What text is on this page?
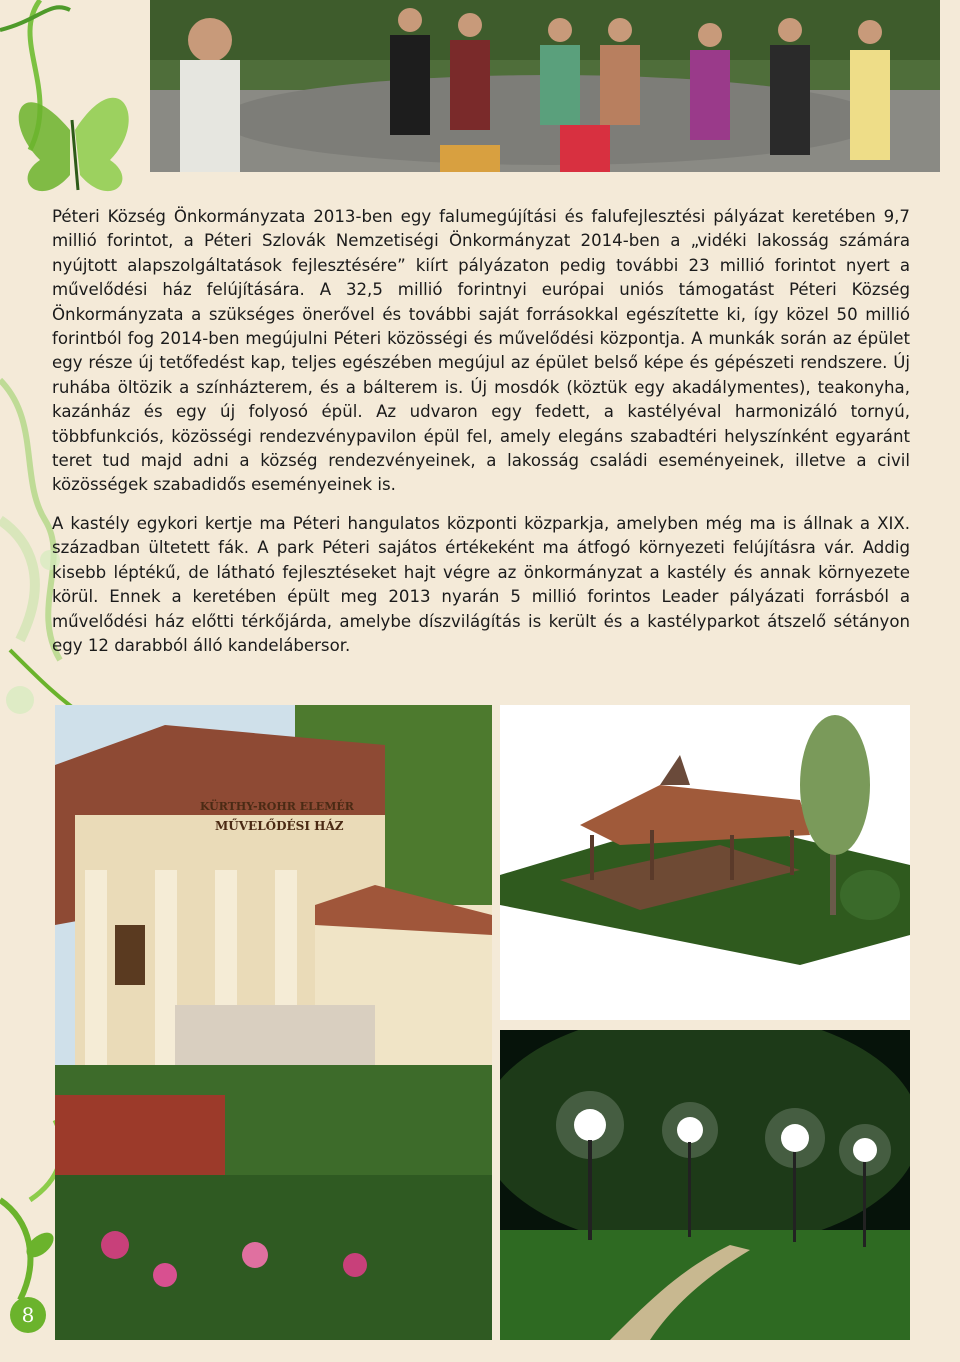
Péteri Község Önkormányzata 2013-ben egy falumegújítási és falufejlesztési pályázat keretében 9,7 millió forintot, a Péteri Szlovák Nemzetiségi Önkormányzat 2014-ben a „vidéki lakosság számára nyújtott alapszolgáltatások fejlesztésére” kiírt pályázaton pedig további 23 millió forintot nyert a művelődési ház felújítására. A 32,5 millió forintnyi európai uniós támogatást Péteri Község Önkormányzata a szükséges önerővel és további saját forrásokkal egészítette ki, így közel 50 millió forintból fog 2014-ben megújulni Péteri közösségi és művelődési központja. A munkák során az épület egy része új tetőfedést kap, teljes egészében megújul az épület belső képe és gépészeti rendszere. Új ruhába öltözik a színházterem, és a bálterem is. Új mosdók (köztük egy akadálymentes), teakonyha, kazánház és egy új folyosó épül. Az udvaron egy fedett, a kastélyéval harmonizáló tornyú, többfunkciós, közösségi rendezvénypavilon épül fel, amely elegáns szabadtéri helyszínként egyaránt teret tud majd adni a község rendezvényeinek, a lakosság családi eseményeinek, illetve a civil közösségek szabadidős eseményeinek is.

A kastély egykori kertje ma Péteri hangulatos központi közparkja, amelyben még ma is állnak a XIX. században ültetett fák. A park Péteri sajátos értékeként ma átfogó környezeti felújításra vár. Addig kisebb léptékű, de látható fejlesztéseket hajt végre az önkormányzat a kastély és annak környezete körül. Ennek a keretében épült meg 2013 nyarán 5 millió forintos Leader pályázati forrásból a művelődési ház előtti térkőjárda, amelybe díszvilágítás is került és a kastélyparkot átszelő sétányon egy 12 darabból álló kandelábersor.

KÜRTHY-ROHR ELEMÉR
MŰVELŐDÉSI HÁZ
8
